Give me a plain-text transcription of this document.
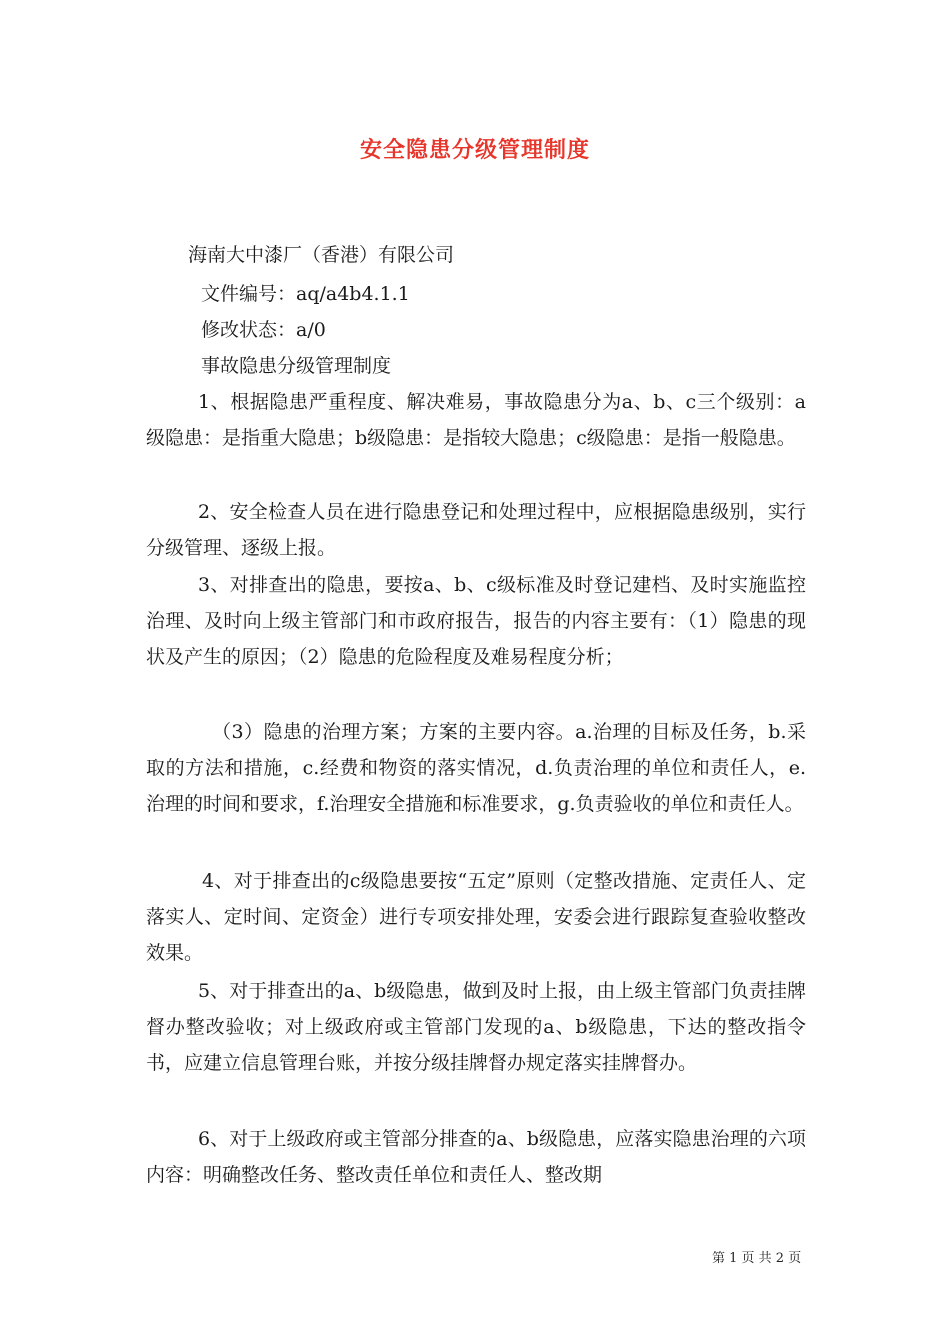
安全隐患分级管理制度
海南大中漆厂（香港）有限公司
文件编号：aq/a4b4.1.1
修改状态：a/0
事故隐患分级管理制度
1、根据隐患严重程度、解决难易，事故隐患分为a、b、c三个级别：a级隐患：是指重大隐患；b级隐患：是指较大隐患；c级隐患：是指一般隐患。
2、安全检查人员在进行隐患登记和处理过程中，应根据隐患级别，实行分级管理、逐级上报。
3、对排查出的隐患，要按a、b、c级标准及时登记建档、及时实施监控治理、及时向上级主管部门和市政府报告，报告的内容主要有：（1）隐患的现状及产生的原因；（2）隐患的危险程度及难易程度分析；
（3）隐患的治理方案；方案的主要内容。a.治理的目标及任务，b.采取的方法和措施，c.经费和物资的落实情况，d.负责治理的单位和责任人，e.治理的时间和要求，f.治理安全措施和标准要求，g.负责验收的单位和责任人。
4、对于排查出的c级隐患要按“五定”原则（定整改措施、定责任人、定落实人、定时间、定资金）进行专项安排处理，安委会进行跟踪复查验收整改效果。
5、对于排查出的a、b级隐患，做到及时上报，由上级主管部门负责挂牌督办整改验收；对上级政府或主管部门发现的a、b级隐患，下达的整改指令书，应建立信息管理台账，并按分级挂牌督办规定落实挂牌督办。
6、对于上级政府或主管部分排查的a、b级隐患，应落实隐患治理的六项内容：明确整改任务、整改责任单位和责任人、整改期
第 1 页 共 2 页
